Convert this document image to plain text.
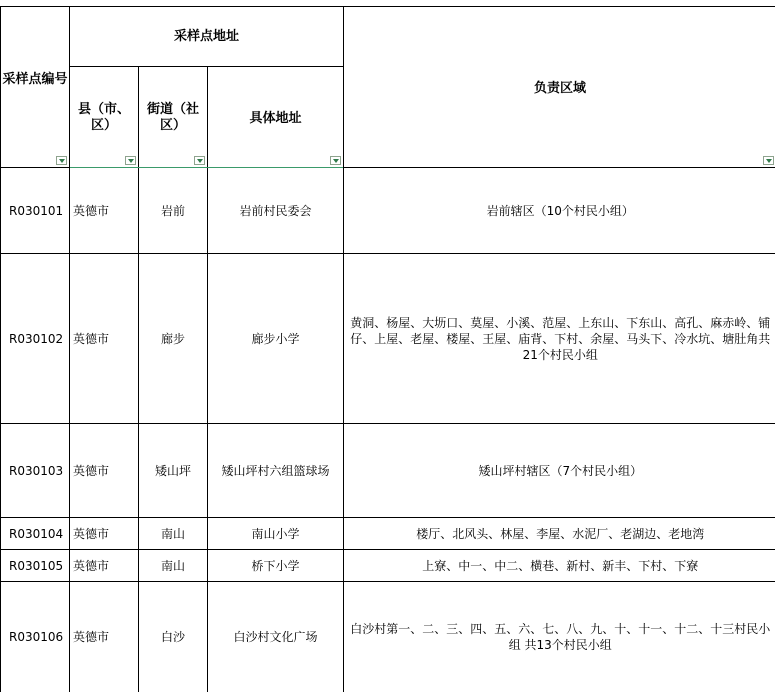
采样点编号	采样点地址			负责区域

	县（市、区）	街道（社区）	具体地址	

R030101	英德市	岩前	岩前村民委会	岩前辖区（10个村民小组）
R030102	英德市	廊步	廊步小学	黄洞、杨屋、大坜口、莫屋、小溪、范屋、上东山、下东山、高孔、麻赤岭、铺仔、上屋、老屋、楼屋、王屋、庙背、下村、余屋、马头下、冷水坑、塘肚角共21个村民小组
R030103	英德市	矮山坪	矮山坪村六组篮球场	矮山坪村辖区（7个村民小组）
R030104	英德市	南山	南山小学	楼厅、北风头、林屋、李屋、水泥厂、老湖边、老地湾
R030105	英德市	南山	桥下小学	上寮、中一、中二、横巷、新村、新丰、下村、下寮
R030106	英德市	白沙	白沙村文化广场	白沙村第一、二、三、四、五、六、七、八、九、十、十一、十二、十三村民小组 共13个村民小组
